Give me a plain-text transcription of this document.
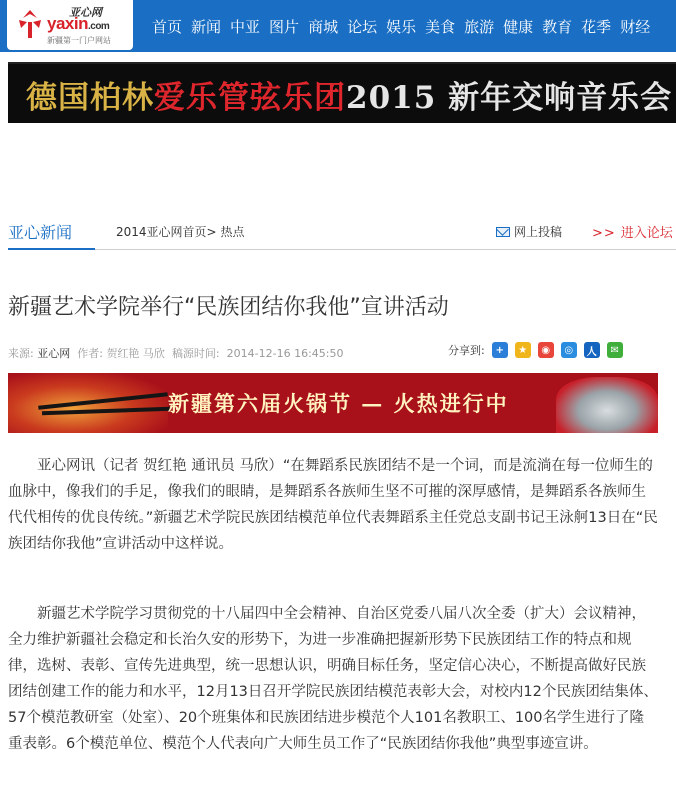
亚心网
yaxin.com
新疆第一门户网站
首页 新闻 中亚 图片 商城 论坛 娱乐 美食 旅游 健康 教育 花季 财经
德国柏林爱乐管弦乐团2015 新年交响音乐会
亚心新闻	2014亚心网首页> 热点	网上投稿 >> 进入论坛
新疆艺术学院举行“民族团结你我他”宣讲活动
来源: 亚心网 作者: 贺红艳 马欣 稿源时间: 2014-12-16 16:45:50	分享到:	+	★	◉	◎	人	✉
新疆第六届火锅节 — 火热进行中

亚心网讯（记者 贺红艳 通讯员 马欣）“在舞蹈系民族团结不是一个词，而是流淌在每一位师生的血脉中，像我们的手足，像我们的眼睛，是舞蹈系各族师生坚不可摧的深厚感情，是舞蹈系各族师生代代相传的优良传统。”新疆艺术学院民族团结模范单位代表舞蹈系主任党总支副书记王泳舸13日在“民族团结你我他”宣讲活动中这样说。

新疆艺术学院学习贯彻党的十八届四中全会精神、自治区党委八届八次全委（扩大）会议精神，全力维护新疆社会稳定和长治久安的形势下，为进一步准确把握新形势下民族团结工作的特点和规律，选树、表彰、宣传先进典型，统一思想认识，明确目标任务，坚定信心决心，不断提高做好民族团结创建工作的能力和水平，12月13日召开学院民族团结模范表彰大会，对校内12个民族团结集体、57个模范教研室（处室）、20个班集体和民族团结进步模范个人101名教职工、100名学生进行了隆重表彰。6个模范单位、模范个人代表向广大师生员工作了“民族团结你我他”典型事迹宣讲。
